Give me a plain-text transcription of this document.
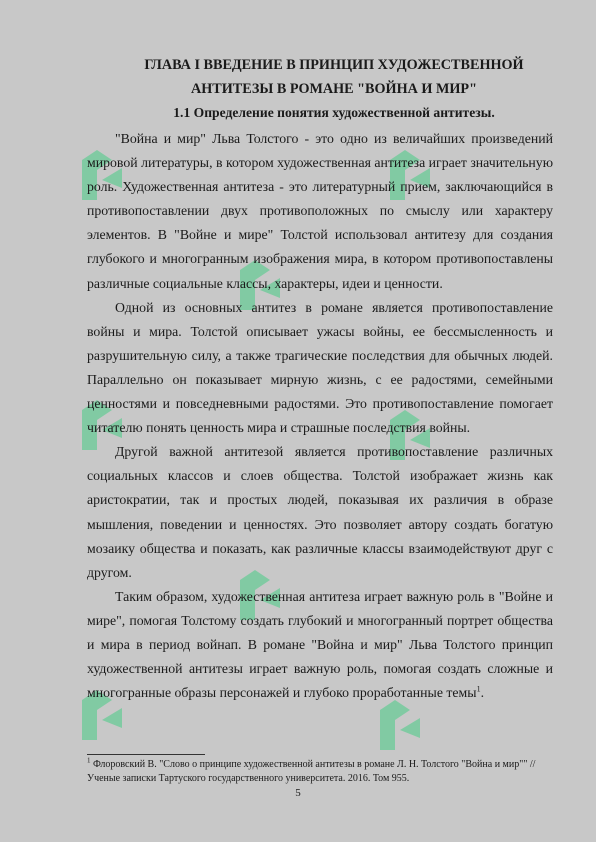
ГЛАВА I ВВЕДЕНИЕ В ПРИНЦИП ХУДОЖЕСТВЕННОЙ
АНТИТЕЗЫ В РОМАНЕ "ВОЙНА И МИР"
1.1 Определение понятия художественной антитезы.

"Война и мир" Льва Толстого - это одно из величайших произведений мировой литературы, в котором художественная антитеза играет значительную роль. Художественная антитеза - это литературный прием, заключающийся в противопоставлении двух противоположных по смыслу или характеру элементов. В "Войне и мире" Толстой использовал антитезу для создания глубокого и многогранным изображения мира, в котором противопоставлены различные социальные классы, характеры, идеи и ценности.

Одной из основных антитез в романе является противопоставление войны и мира. Толстой описывает ужасы войны, ее бессмысленность и разрушительную силу, а также трагические последствия для обычных людей. Параллельно он показывает мирную жизнь, с ее радостями, семейными ценностями и повседневными радостями. Это противопоставление помогает читателю понять ценность мира и страшные последствия войны.

Другой важной антитезой является противопоставление различных социальных классов и слоев общества. Толстой изображает жизнь как аристократии, так и простых людей, показывая их различия в образе мышления, поведении и ценностях. Это позволяет автору создать богатую мозаику общества и показать, как различные классы взаимодействуют друг с другом.

Таким образом, художественная антитеза играет важную роль в "Войне и мире", помогая Толстому создать глубокий и многогранный портрет общества и мира в период войнап. В романе "Война и мир" Льва Толстого принцип художественной антитезы играет важную роль, помогая создать сложные и многогранные образы персонажей и глубоко проработанные темы$^1$.

$^1$ Флоровский В. "Слово о принципе художественной антитезы в романе Л. Н. Толстого "Война и мир"" // Ученые записки Тартуского государственного университета. 2016. Том 955.
5
